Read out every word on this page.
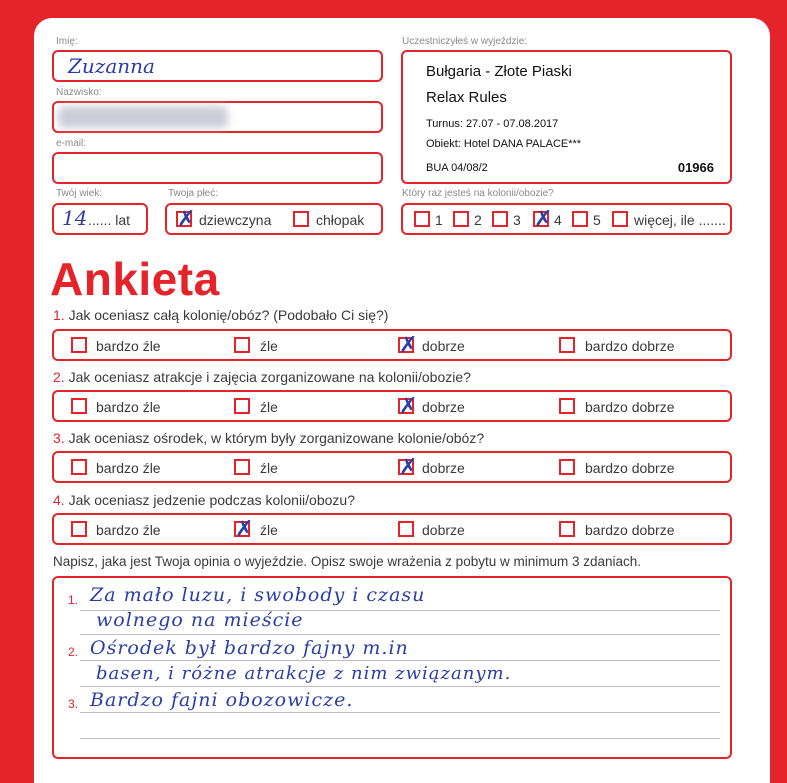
Imię:
Zuzanna
Nazwisko:
e-mail:
Twój wiek:
14 ...... lat
Twoja płeć:
✗ dziewczyna	chłopak
Uczestniczyłeś w wyjeździe:
Bułgaria - Złote Piaski
Relax Rules
Turnus: 27.07 - 07.08.2017
Obiekt: Hotel DANA PALACE***
BUA 04/08/2	01966
Który raz jesteś na kolonii/obozie?
1 2 3 ✗ 4 5 więcej, ile .......
Ankieta
1. Jak oceniasz całą kolonię/obóz? (Podobało Ci się?)
bardzo źle	źle	✗ dobrze	bardzo dobrze
2. Jak oceniasz atrakcje i zajęcia zorganizowane na kolonii/obozie?
bardzo źle	źle	✗ dobrze	bardzo dobrze
3. Jak oceniasz ośrodek, w którym były zorganizowane kolonie/obóz?
bardzo źle	źle	✗ dobrze	bardzo dobrze
4. Jak oceniasz jedzenie podczas kolonii/obozu?
bardzo źle	✗ źle	dobrze	bardzo dobrze
Napisz, jaka jest Twoja opinia o wyjeździe. Opisz swoje wrażenia z pobytu w minimum 3 zdaniach.
1.
2.
3.
Za mało luzu, i swobody i czasu
wolnego na mieście
Ośrodek był bardzo fajny m.in
basen, i różne atrakcje z nim związanym.
Bardzo fajni obozowicze.
